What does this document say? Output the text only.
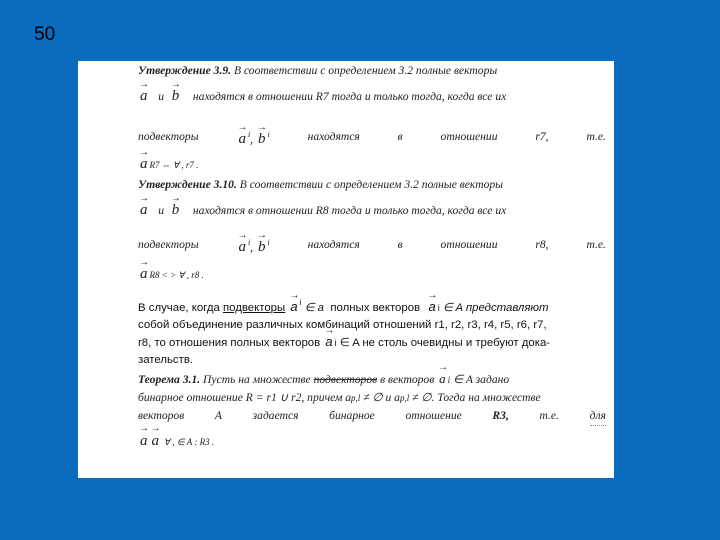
50
Утверждение 3.9. В соответствии с определением 3.2 полные векторы
→ a и → b находятся в отношении R7 тогда и только тогда, когда все их
подвекторы	→ a $^i$, → b $^i$	находятся	в	отношении	r7,	т.е.
→ a R7 ⇔ ∀ , r7 .
Утверждение 3.10. В соответствии с определением 3.2 полные векторы
→ a и → b находятся в отношении R8 тогда и только тогда, когда все их
подвекторы	→ a $^i$, → b $^i$	находятся	в	отношении	r8,	т.е.
→ a R8 < > ∀ , r8 .
В случае, когда подвекторы → a $^i$ ∈ a полных векторов → a i ∈ A представляют
собой объединение различных комбинаций отношений r1, r2, r3, r4, r5, r6, r7,
r8, то отношения полных векторов → a i ∈ A не столь очевидны и требуют дока-
зательств.
Теорема 3.1. Пусть на множестве подвекторов в векторов → a i ∈ A задано
бинарное отношение R = r1 ∪ r2, причем ap,l ≠ ∅ и ap,l ≠ ∅. Тогда на множестве
векторов	A	задается	бинарное	отношение	R3,	т.е.	для
→ a → a ∀ , ∈ A : R3 .
